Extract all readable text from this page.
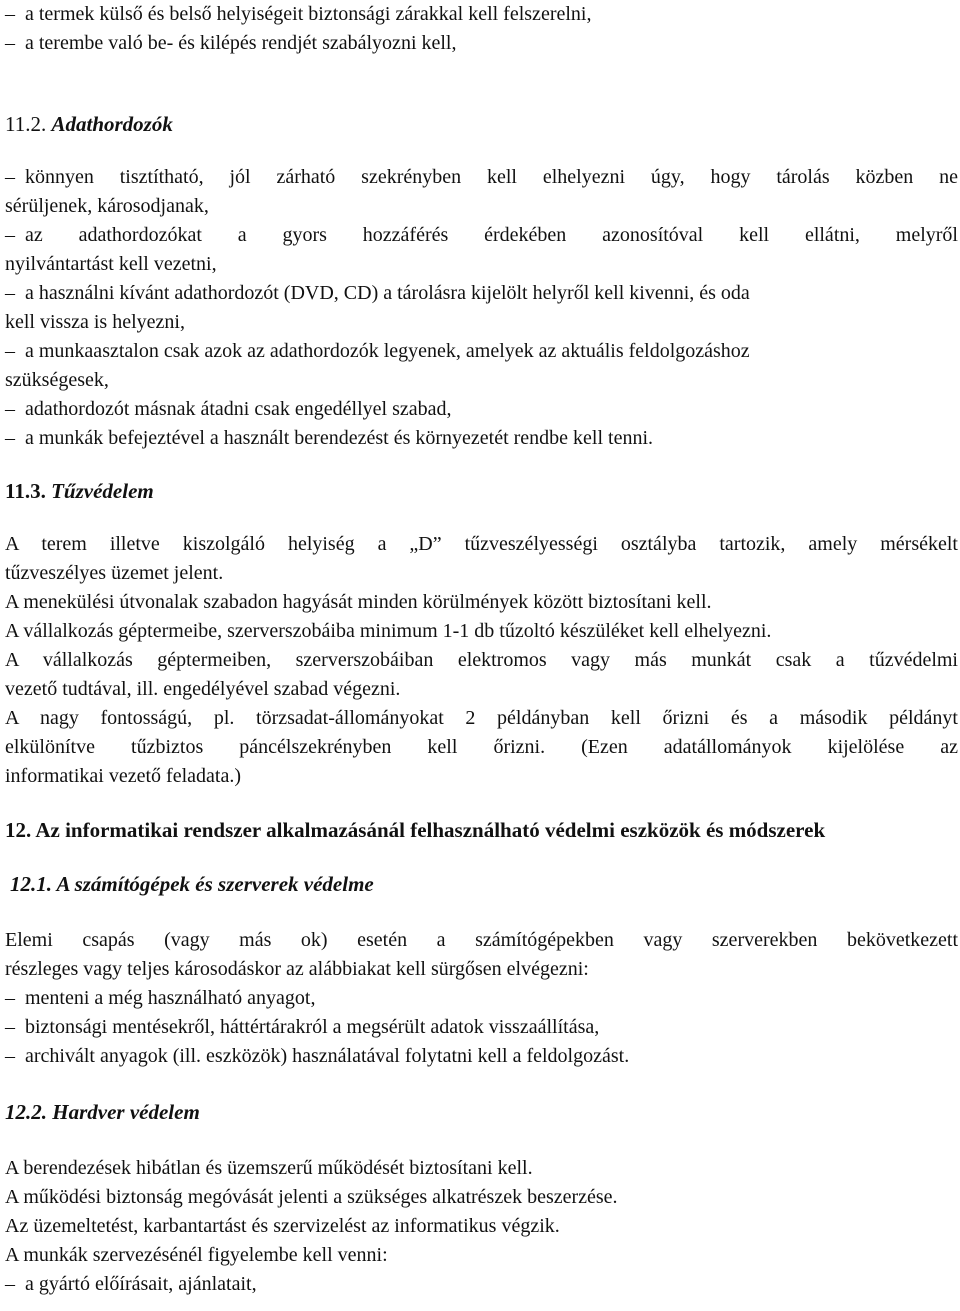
– a termek külső és belső helyiségeit biztonsági zárakkal kell felszerelni,
– a terembe való be- és kilépés rendjét szabályozni kell,
11.2. Adathordozók
– könnyen tisztítható, jól zárható szekrényben kell elhelyezni úgy, hogy tárolás közben ne
sérüljenek, károsodjanak,
– az adathordozókat a gyors hozzáférés érdekében azonosítóval kell ellátni, melyről
nyilvántartást kell vezetni,
– a használni kívánt adathordozót (DVD, CD) a tárolásra kijelölt helyről kell kivenni, és oda
kell vissza is helyezni,
– a munkaasztalon csak azok az adathordozók legyenek, amelyek az aktuális feldolgozáshoz
szükségesek,
– adathordozót másnak átadni csak engedéllyel szabad,
– a munkák befejeztével a használt berendezést és környezetét rendbe kell tenni.
11.3. Tűzvédelem
A terem illetve kiszolgáló helyiség a „D” tűzveszélyességi osztályba tartozik, amely mérsékelt
tűzveszélyes üzemet jelent.
A menekülési útvonalak szabadon hagyását minden körülmények között biztosítani kell.
A vállalkozás géptermeibe, szerverszobáiba minimum 1-1 db tűzoltó készüléket kell elhelyezni.
A vállalkozás géptermeiben, szerverszobáiban elektromos vagy más munkát csak a tűzvédelmi
vezető tudtával, ill. engedélyével szabad végezni.
A nagy fontosságú, pl. törzsadat-állományokat 2 példányban kell őrizni és a második példányt
elkülönítve tűzbiztos páncélszekrényben kell őrizni. (Ezen adatállományok kijelölése az
informatikai vezető feladata.)
12. Az informatikai rendszer alkalmazásánál felhasználható védelmi eszközök és módszerek
12.1. A számítógépek és szerverek védelme
Elemi csapás (vagy más ok) esetén a számítógépekben vagy szerverekben bekövetkezett
részleges vagy teljes károsodáskor az alábbiakat kell sürgősen elvégezni:
– menteni a még használható anyagot,
– biztonsági mentésekről, háttértárakról a megsérült adatok visszaállítása,
– archivált anyagok (ill. eszközök) használatával folytatni kell a feldolgozást.
12.2. Hardver védelem
A berendezések hibátlan és üzemszerű működését biztosítani kell.
A működési biztonság megóvását jelenti a szükséges alkatrészek beszerzése.
Az üzemeltetést, karbantartást és szervizelést az informatikus végzik.
A munkák szervezésénél figyelembe kell venni:
– a gyártó előírásait, ajánlatait,
